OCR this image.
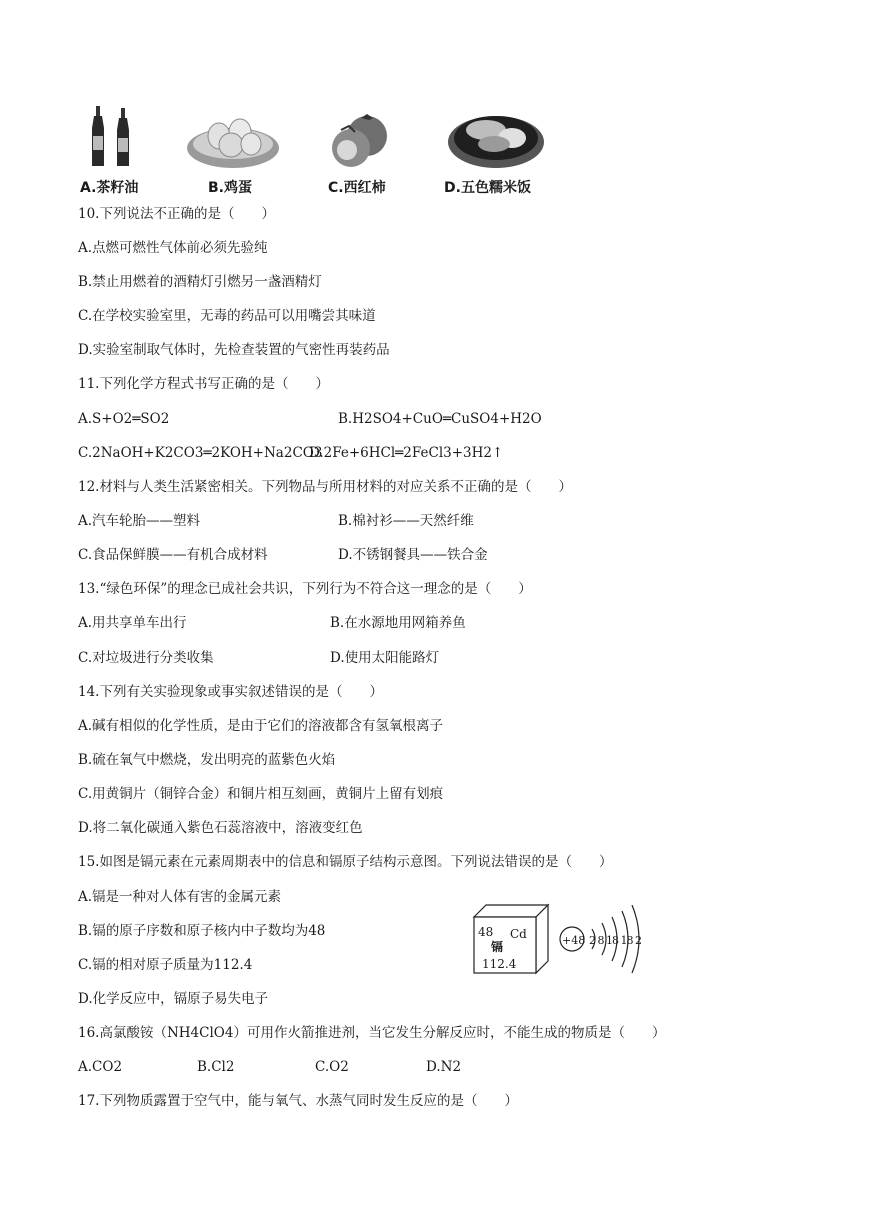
A.茶籽油	B.鸡蛋	C.西红柿	D.五色糯米饭
10.下列说法不正确的是（　　）
A.点燃可燃性气体前必须先验纯
B.禁止用燃着的酒精灯引燃另一盏酒精灯
C.在学校实验室里，无毒的药品可以用嘴尝其味道
D.实验室制取气体时，先检查装置的气密性再装药品
11.下列化学方程式书写正确的是（　　）
A.S+O2═SO2	B.H2SO4+CuO═CuSO4+H2O
C.2NaOH+K2CO3═2KOH+Na2CO3
D.2Fe+6HCl═2FeCl3+3H2↑
12.材料与人类生活紧密相关。下列物品与所用材料的对应关系不正确的是（　　）
A.汽车轮胎——塑料	B.棉衬衫——天然纤维
C.食品保鲜膜——有机合成材料	D.不锈钢餐具——铁合金
13.“绿色环保”的理念已成社会共识，下列行为不符合这一理念的是（　　）
A.用共享单车出行	B.在水源地用网箱养鱼
C.对垃圾进行分类收集	D.使用太阳能路灯
14.下列有关实验现象或事实叙述错误的是（　　）
A.碱有相似的化学性质，是由于它们的溶液都含有氢氧根离子
B.硫在氧气中燃烧，发出明亮的蓝紫色火焰
C.用黄铜片（铜锌合金）和铜片相互刻画，黄铜片上留有划痕
D.将二氧化碳通入紫色石蕊溶液中，溶液变红色
15.如图是镉元素在元素周期表中的信息和镉原子结构示意图。下列说法错误的是（　　）
A.镉是一种对人体有害的金属元素
B.镉的原子序数和原子核内中子数均为48
C.镉的相对原子质量为112.4
D.化学反应中，镉原子易失电子
48 Cd
镉
112.4
+48 2 8 18 18 2
16.高氯酸铵（NH4ClO4）可用作火箭推进剂，当它发生分解反应时，不能生成的物质是（　　）
A.CO2	B.Cl2	C.O2	D.N2
17.下列物质露置于空气中，能与氧气、水蒸气同时发生反应的是（　　）
